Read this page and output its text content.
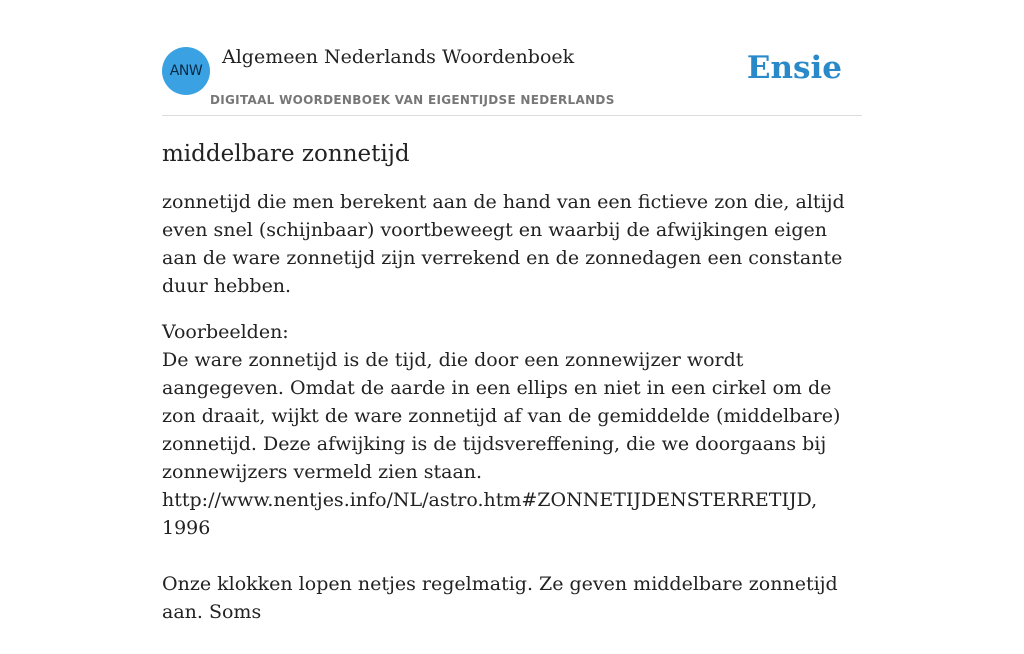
ANW
Algemeen Nederlands Woordenboek
DIGITAAL WOORDENBOEK VAN EIGENTIJDSE NEDERLANDS
Ensie
middelbare zonnetijd

zonnetijd die men berekent aan de hand van een fictieve zon die, altijd even snel (schijnbaar) voortbeweegt en waarbij de afwijkingen eigen aan de ware zonnetijd zijn verrekend en de zonnedagen een constante duur hebben.

Voorbeelden:

De ware zonnetijd is de tijd, die door een zonnewijzer wordt aangegeven. Omdat de aarde in een ellips en niet in een cirkel om de zon draait, wijkt de ware zonnetijd af van de gemiddelde (middelbare) zonnetijd. Deze afwijking is de tijdsvereffening, die we doorgaans bij zonnewijzers vermeld zien staan. http://www.nentjes.info/NL/astro.htm#ZONNETIJDENSTERRETIJD, 1996

Onze klokken lopen netjes regelmatig. Ze geven middelbare zonnetijd aan. Soms
